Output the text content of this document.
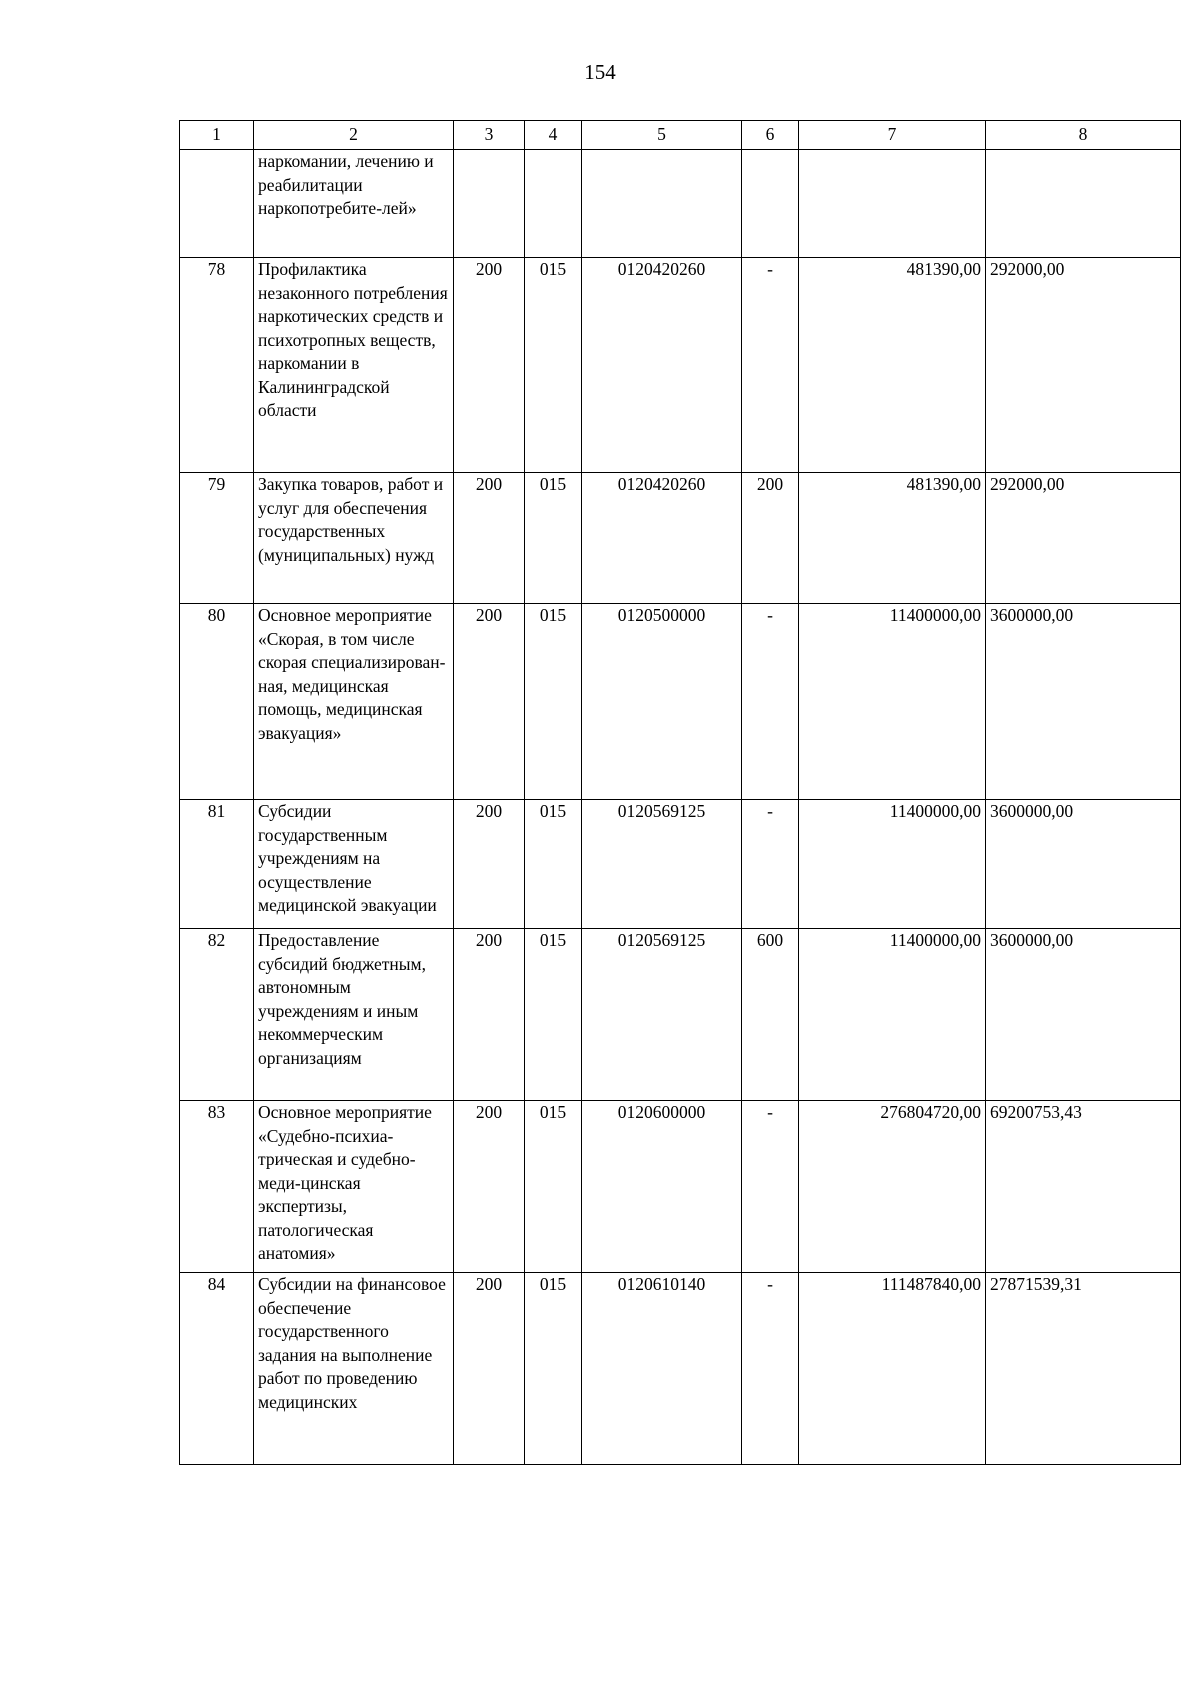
154
1	2	3	4	5	6	7	8
	наркомании, лечению и реабилитации наркопотребите-лей»						
78	Профилактика незаконного потребления наркотических средств и психотропных веществ, наркомании в Калининградской области	200	015	0120420260	-	481390,00	292000,00
79	Закупка товаров, работ и услуг для обеспечения государственных (муниципальных) нужд	200	015	0120420260	200	481390,00	292000,00
80	Основное мероприятие «Скорая, в том числе скорая специализирован-ная, медицинская помощь, медицинская эвакуация»	200	015	0120500000	-	11400000,00	3600000,00
81	Субсидии государственным учреждениям на осуществление медицинской эвакуации	200	015	0120569125	-	11400000,00	3600000,00
82	Предоставление субсидий бюджетным, автономным учреждениям и иным некоммерческим организациям	200	015	0120569125	600	11400000,00	3600000,00
83	Основное мероприятие «Судебно-психиа-трическая и судебно-меди-цинская экспертизы, патологическая анатомия»	200	015	0120600000	-	276804720,00	69200753,43
84	Субсидии на финансовое обеспечение государственного задания на выполнение работ по проведению медицинских	200	015	0120610140	-	111487840,00	27871539,31
